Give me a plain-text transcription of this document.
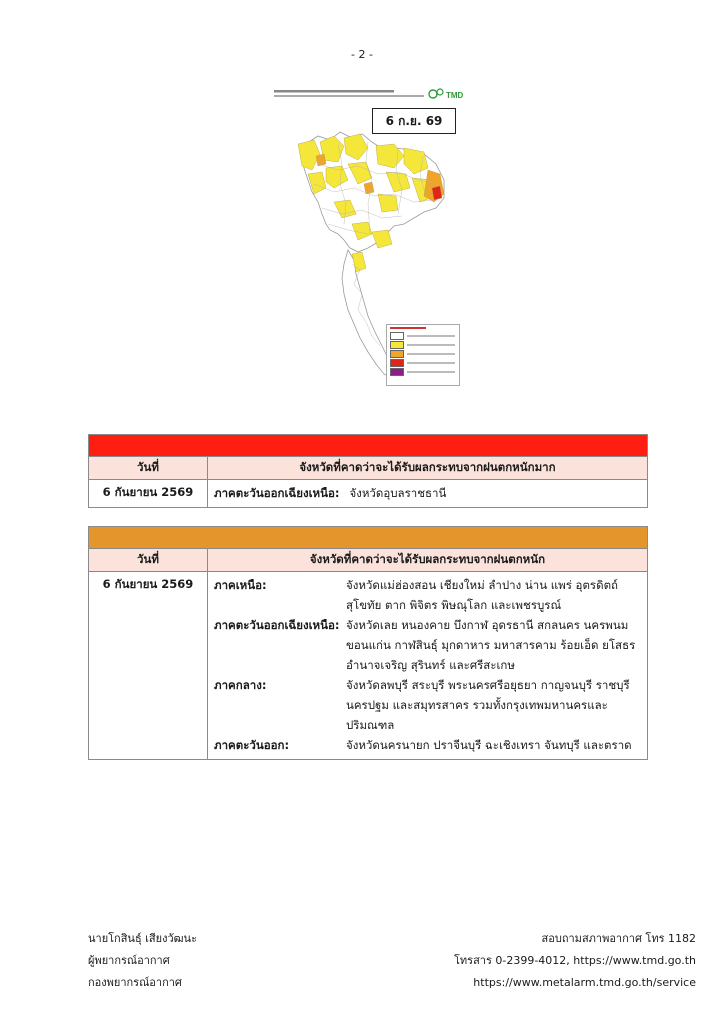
- 2 -
TMD
6 ก.ย. 69
วันที่	จังหวัดที่คาดว่าจะได้รับผลกระทบจากฝนตกหนักมาก
6 กันยายน 2569	ภาคตะวันออกเฉียงเหนือ: จังหวัดอุบลราชธานี
วันที่	จังหวัดที่คาดว่าจะได้รับผลกระทบจากฝนตกหนัก
6 กันยายน 2569	ภาคเหนือ:	จังหวัดแม่ฮ่องสอน เชียงใหม่ ลำปาง น่าน แพร่ อุตรดิตถ์ สุโขทัย ตาก พิจิตร พิษณุโลก และเพชรบูรณ์
ภาคตะวันออกเฉียงเหนือ: จังหวัดเลย หนองคาย บึงกาฬ อุดรธานี สกลนคร นครพนม ขอนแก่น กาฬสินธุ์ มุกดาหาร มหาสารคาม ร้อยเอ็ด ยโสธร อำนาจเจริญ สุรินทร์ และศรีสะเกษ
ภาคกลาง:	จังหวัดลพบุรี สระบุรี พระนครศรีอยุธยา กาญจนบุรี ราชบุรี นครปฐม และสมุทรสาคร รวมทั้งกรุงเทพมหานครและปริมณฑล
ภาคตะวันออก:	จังหวัดนครนายก ปราจีนบุรี ฉะเชิงเทรา จันทบุรี และตราด
นายโกสินธุ์ เสียงวัฒนะ
ผู้พยากรณ์อากาศ
กองพยากรณ์อากาศ
สอบถามสภาพอากาศ โทร 1182
โทรสาร 0-2399-4012, https://www.tmd.go.th
https://www.metalarm.tmd.go.th/service
